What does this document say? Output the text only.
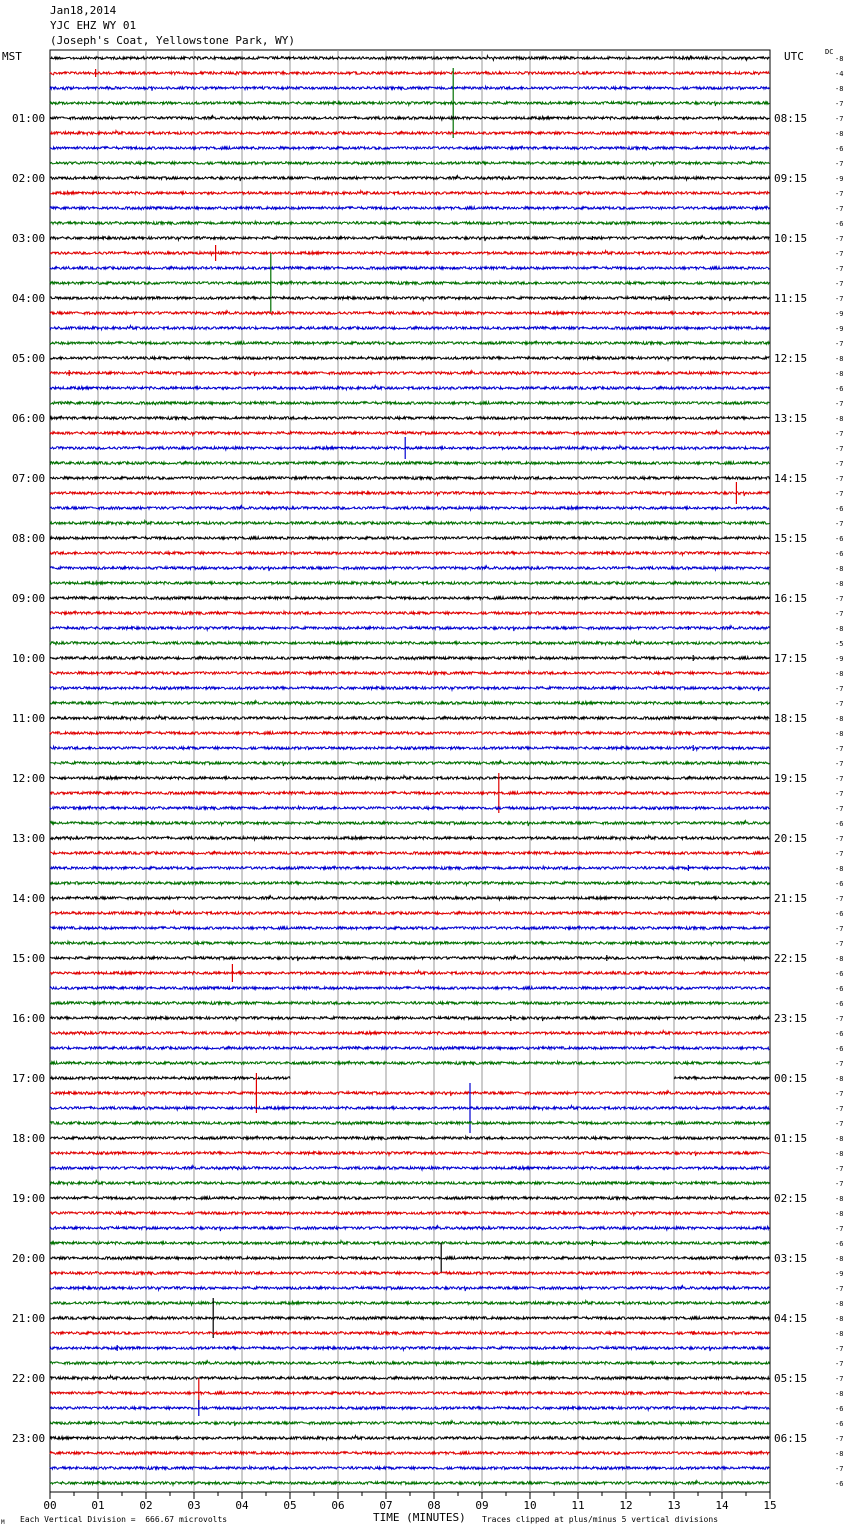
Jan18,2014
YJC EHZ WY 01
(Joseph's Coat, Yellowstone Park, WY)
MST	UTC	DC
00	01	02	03	04	05	06	07	08	09	10	11	12	13	14	15
-8
-4
-8
-7
-7
-8
-6
-7
-9
-7
-7
-6
-7
-7
-7
-7
-7
-9
-9
-7
-8
-8
-6
-7
-8
-7
-7
-7
-7
-7
-6
-7
-6
-6
-8
-8
-7
-7
-8
-5
-9
-8
-7
-7
-8
-8
-7
-7
-7
-7
-7
-6
-7
-7
-8
-6
-7
-6
-7
-7
-8
-6
-6
-6
-7
-6
-6
-7
-8
-7
-7
-7
-8
-8
-7
-7
-8
-8
-7
-6
-8
-9
-7
-8
-8
-8
-7
-7
-7
-8
-6
-6
-7
-8
-7
-6
01:00
02:00
03:00
04:00
05:00
06:00
07:00
08:00
09:00
10:00
11:00
12:00
13:00
14:00
15:00
16:00
17:00
18:00
19:00
20:00
21:00
22:00
23:00
08:15
09:15
10:15
11:15
12:15
13:15
14:15
15:15
16:15
17:15
18:15
19:15
20:15
21:15
22:15
23:15
00:15
01:15
02:15
03:15
04:15
05:15
06:15
M Each Vertical Division =  666.67 microvolts	TIME (MINUTES) Traces clipped at plus/minus 5 vertical divisions
